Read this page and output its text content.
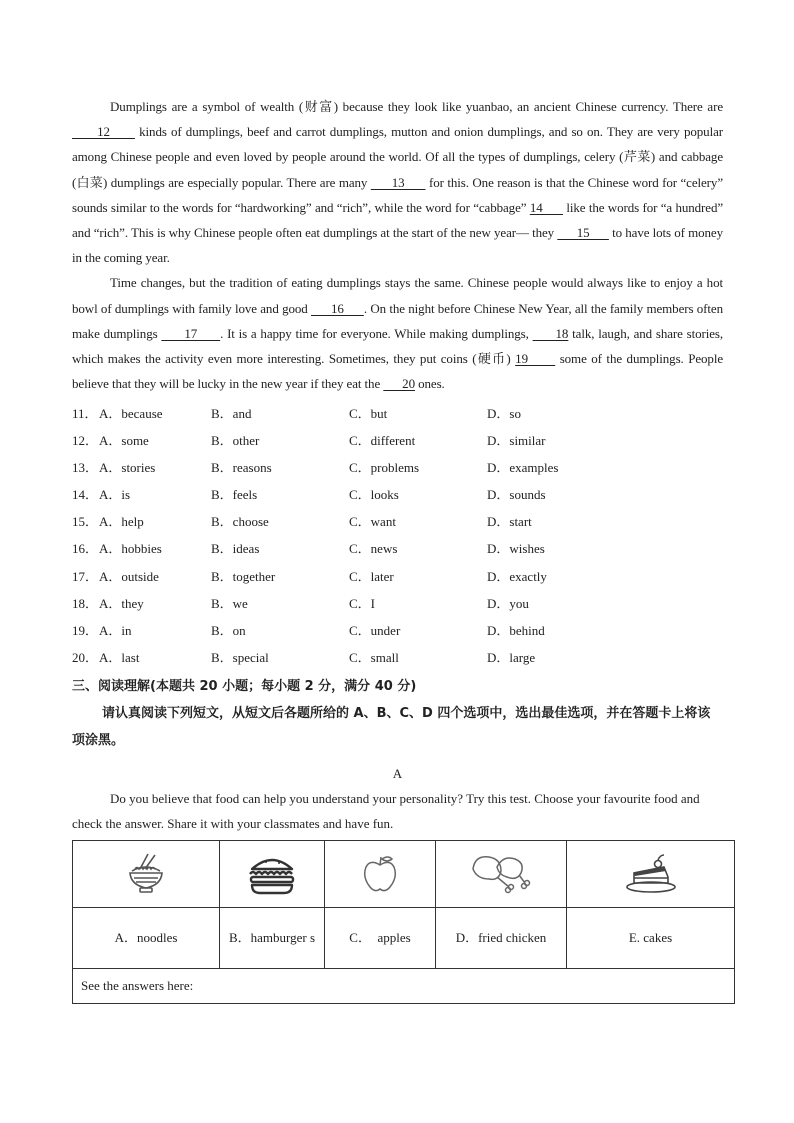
Dumplings are a symbol of wealth (财富) because they look like yuanbao, an ancient Chinese currency. There are       12       kinds of dumplings, beef and carrot dumplings, mutton and onion dumplings, and so on. They are very popular among Chinese people and even loved by people around the world. Of all the types of dumplings, celery (芹菜) and cabbage (白菜) dumplings are especially popular. There are many       13       for this. One reason is that the Chinese word for “celery” sounds similar to the words for “hardworking” and “rich”, while the word for “cabbage” 14       like the words for “a hundred” and “rich”. This is why Chinese people often eat dumplings at the start of the new year— they       15       to have lots of money in the coming year.

Time changes, but the tradition of eating dumplings stays the same. Chinese people would always like to enjoy a hot bowl of dumplings with family love and good       16      . On the night before Chinese New Year, all the family members often make dumplings       17      . It is a happy time for everyone. While making dumplings,       18 talk, laugh, and share stories, which makes the activity even more interesting. Sometimes, they put coins (硬币) 19       some of the dumplings. People believe that they will be lucky in the new year if they eat the       20 ones.

11． A．because	B．and	C．but	D．so
12． A．some	B．other	C．different	D．similar
13． A．stories	B．reasons	C．problems	D．examples
14． A．is	B．feels	C．looks	D．sounds
15． A．help	B．choose	C．want	D．start
16． A．hobbies	B．ideas	C．news	D．wishes
17． A．outside	B．together	C．later	D．exactly
18． A．they	B．we	C．I	D．you
19． A．in	B．on	C．under	D．behind
20． A．last	B．special	C．small	D．large
三、阅读理解(本题共 20 小题；每小题 2 分，满分 40 分)

请认真阅读下列短文，从短文后各题所给的 A、B、C、D 四个选项中，选出最佳选项，并在答题卡上将该项涂黑。

A

Do you believe that food can help you understand your personality? Try this test. Choose your favourite food and check the answer. Share it with your classmates and have fun.

A．noodles	B．hamburger s	C．  apples	D．fried chicken	E. cakes
See the answers here:				
